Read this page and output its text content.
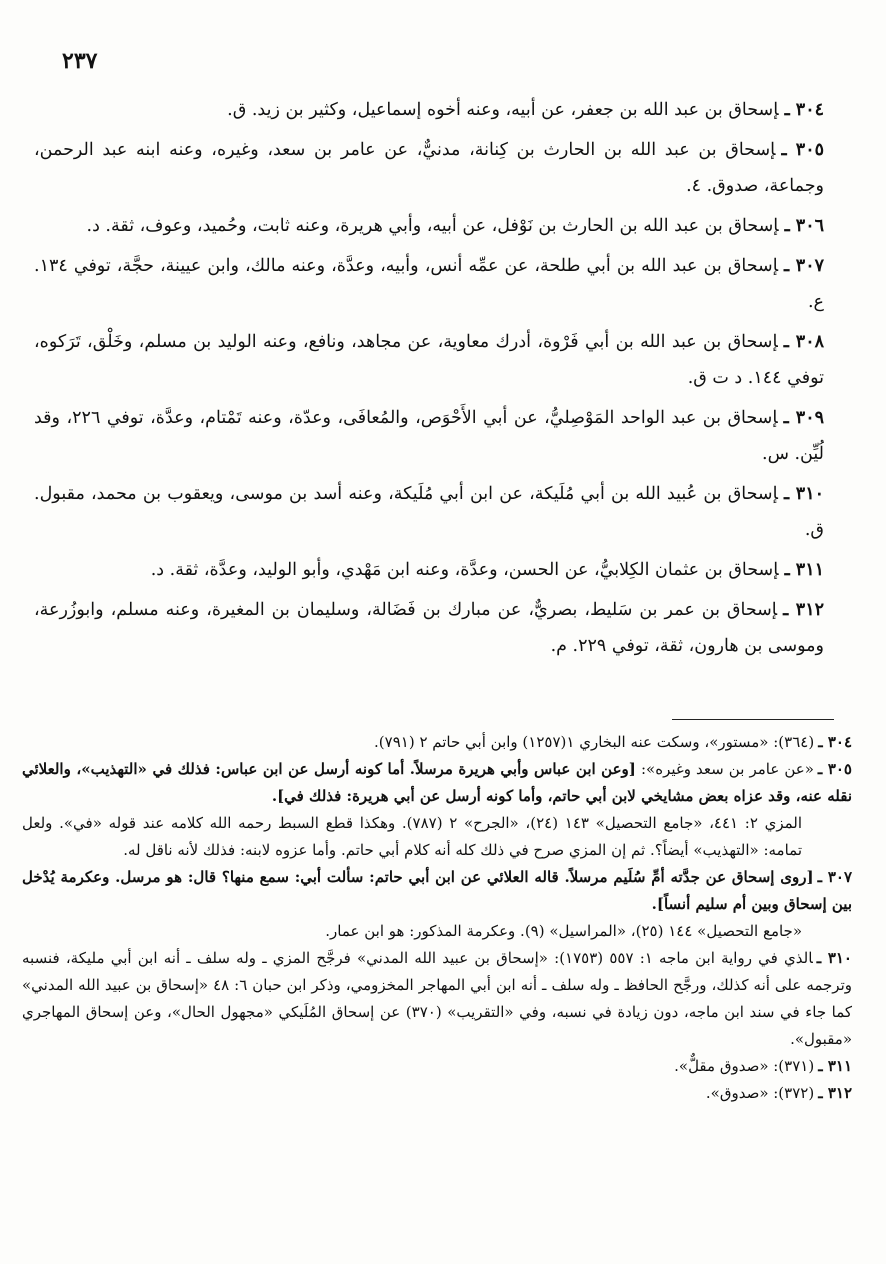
٢٣٧

٣٠٤ ـإسحاق بن عبد الله بن جعفر، عن أبيه، وعنه أخوه إسماعيل، وكثير بن زيد. ق.

٣٠٥ ـإسحاق بن عبد الله بن الحارث بن كِنانة، مدنيٌّ، عن عامر بن سعد، وغيره، وعنه ابنه عبد الرحمن، وجماعة، صدوق. ٤.

٣٠٦ ـإسحاق بن عبد الله بن الحارث بن نَوْفل، عن أبيه، وأبي هريرة، وعنه ثابت، وحُميد، وعوف، ثقة. د.

٣٠٧ ـإسحاق بن عبد الله بن أبي طلحة، عن عمِّه أنس، وأبيه، وعدَّة، وعنه مالك، وابن عيينة، حجَّة، توفي ١٣٤. ع.

٣٠٨ ـإسحاق بن عبد الله بن أبي فَرْوة، أدرك معاوية، عن مجاهد، ونافع، وعنه الوليد بن مسلم، وخَلْق، تَرَكوه، توفي ١٤٤. د ت ق.

٣٠٩ ـإسحاق بن عبد الواحد المَوْصِليُّ، عن أبي الأَحْوَص، والمُعافَى، وعدّة، وعنه تَمْتام، وعدَّة، توفي ٢٢٦، وقد لُيِّن. س.

٣١٠ ـإسحاق بن عُبيد الله بن أبي مُلَيكة، عن ابن أبي مُلَيكة، وعنه أسد بن موسى، ويعقوب بن محمد، مقبول. ق.

٣١١ ـإسحاق بن عثمان الكِلابيُّ، عن الحسن، وعدَّة، وعنه ابن مَهْدي، وأبو الوليد، وعدَّة، ثقة. د.

٣١٢ ـإسحاق بن عمر بن سَليط، بصريٌّ، عن مبارك بن فَضَالة، وسليمان بن المغيرة، وعنه مسلم، وابوزُرعة، وموسى بن هارون، ثقة، توفي ٢٢٩. م.

٣٠٤ ـ(٣٦٤): «مستور»، وسكت عنه البخاري ١(١٢٥٧) وابن أبي حاتم ٢ (٧٩١).

٣٠٥ ـ«عن عامر بن سعد وغيره»: [وعن ابن عباس وأبي هريرة مرسلاً. أما كونه أرسل عن ابن عباس: فذلك في «التهذيب»، والعلائي نقله عنه، وقد عزاه بعض مشايخي لابن أبي حاتم، وأما كونه أرسل عن أبي هريرة: فذلك في].

المزي ٢: ٤٤١، «جامع التحصيل» ١٤٣ (٢٤)، «الجرح» ٢ (٧٨٧). وهكذا قطع السبط رحمه الله كلامه عند قوله «في». ولعل تمامه: «التهذيب» أيضاً؟. ثم إن المزي صرح في ذلك كله أنه كلام أبي حاتم. وأما عزوه لابنه: فذلك لأنه ناقل له.

٣٠٧ ـ[روى إسحاق عن جدَّته أمِّ سُلَيم مرسلاً. قاله العلائي عن ابن أبي حاتم: سألت أبي: سمع منها؟ قال: هو مرسل. وعكرمة يُدْخل بين إسحاق وبين أم سليم أنساً].

«جامع التحصيل» ١٤٤ (٢٥)، «المراسيل» (٩). وعكرمة المذكور: هو ابن عمار.

٣١٠ ـالذي في رواية ابن ماجه ١: ٥٥٧ (١٧٥٣): «إسحاق بن عبيد الله المدني» فرجَّح المزي ـ وله سلف ـ أنه ابن أبي مليكة، فنسبه وترجمه على أنه كذلك، ورجَّح الحافظ ـ وله سلف ـ أنه ابن أبي المهاجر المخزومي، وذكر ابن حبان ٦: ٤٨ «إسحاق بن عبيد الله المدني» كما جاء في سند ابن ماجه، دون زيادة في نسبه، وفي «التقريب» (٣٧٠) عن إسحاق المُلَيكي «مجهول الحال»، وعن إسحاق المهاجري «مقبول».

٣١١ ـ(٣٧١): «صدوق مقلٌّ».

٣١٢ ـ(٣٧٢): «صدوق».
